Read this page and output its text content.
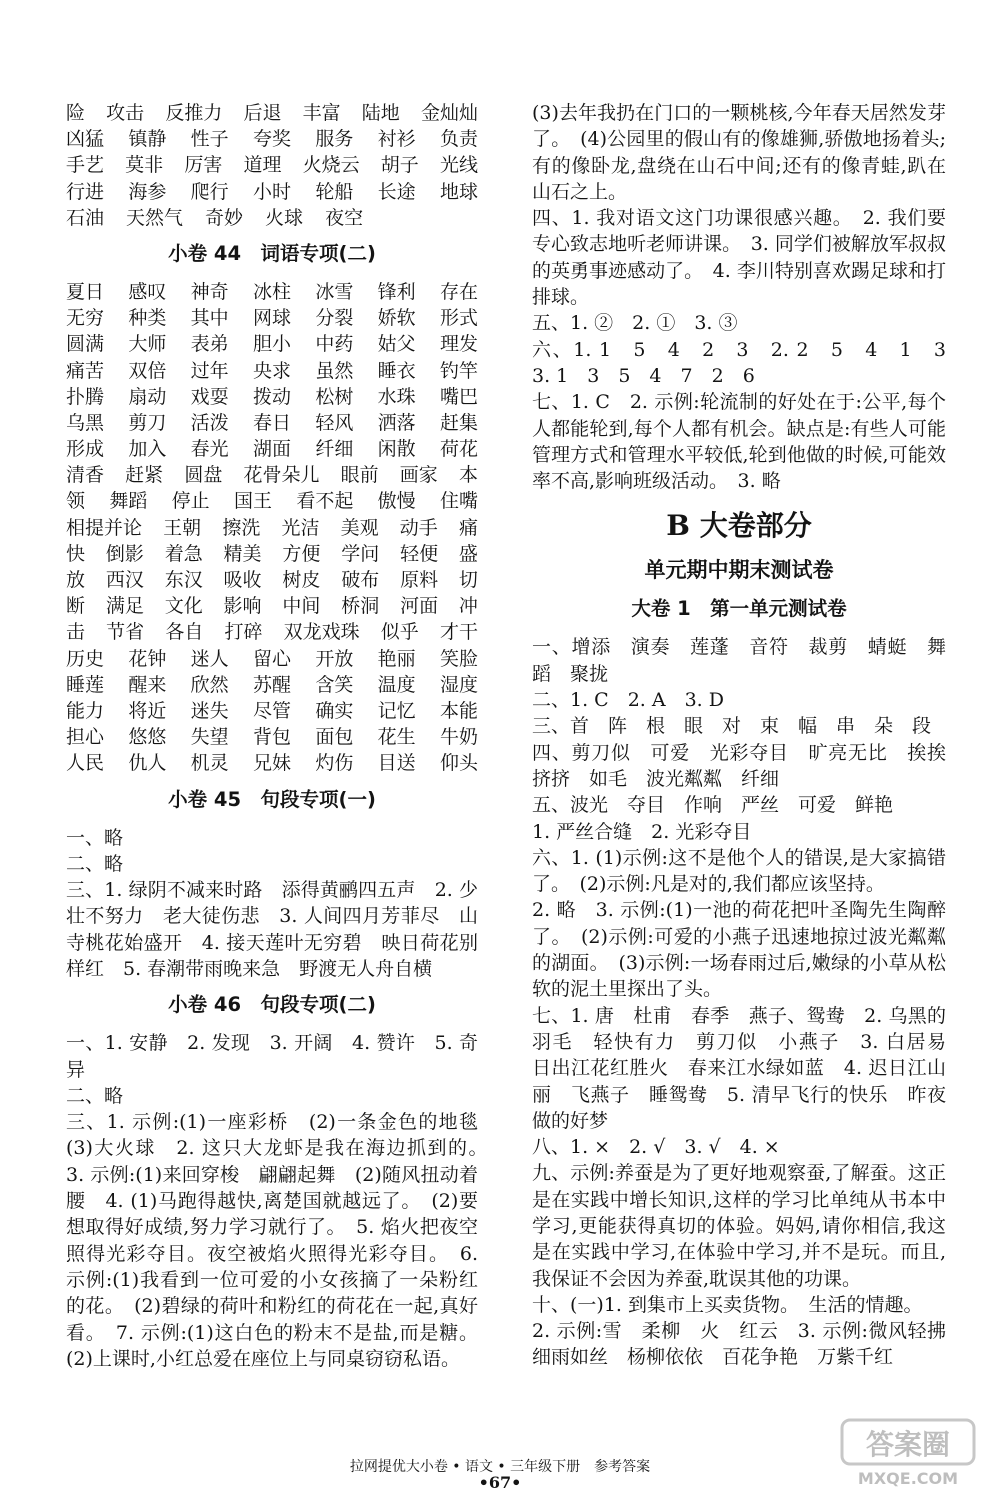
险 攻击 反推力 后退 丰富 陆地 金灿灿
凶猛 镇静 性子 夸奖 服务 衬衫 负责
手艺 莫非 厉害 道理 火烧云 胡子 光线
行进 海参 爬行 小时 轮船 长途 地球
石油 天然气 奇妙 火球 夜空
小卷 44　词语专项(二)
夏日 感叹 神奇 冰柱 冰雪 锋利 存在
无穷 种类 其中 网球 分裂 娇软 形式
圆满 大师 表弟 胆小 中药 姑父 理发
痛苦 双倍 过年 央求 虽然 睡衣 钓竿
扑腾 扇动 戏耍 拨动 松树 水珠 嘴巴
乌黑 剪刀 活泼 春日 轻风 洒落 赶集
形成 加入 春光 湖面 纤细 闲散 荷花
清香 赶紧 圆盘 花骨朵儿 眼前 画家 本
领 舞蹈 停止 国王 看不起 傲慢 住嘴
相提并论 王朝 擦洗 光洁 美观 动手 痛
快 倒影 着急 精美 方便 学问 轻便 盛
放 西汉 东汉 吸收 树皮 破布 原料 切
断 满足 文化 影响 中间 桥洞 河面 冲
击 节省 各自 打碎 双龙戏珠 似乎 才干
历史 花钟 迷人 留心 开放 艳丽 笑脸
睡莲 醒来 欣然 苏醒 含笑 温度 湿度
能力 将近 迷失 尽管 确实 记忆 本能
担心 悠悠 失望 背包 面包 花生 牛奶
人民 仇人 机灵 兄妹 灼伤 目送 仰头
小卷 45　句段专项(一)
一、略
二、略
三、1. 绿阴不减来时路　添得黄鹂四五声　2. 少壮不努力　老大徒伤悲　3. 人间四月芳菲尽　山寺桃花始盛开　4. 接天莲叶无穷碧　映日荷花别样红　5. 春潮带雨晚来急　野渡无人舟自横
小卷 46　句段专项(二)
一、1. 安静　2. 发现　3. 开阔　4. 赞许　5. 奇异
二、略
三、1. 示例:(1)一座彩桥　(2)一条金色的地毯　(3)大火球　2. 这只大龙虾是我在海边抓到的。　3. 示例:(1)来回穿梭　翩翩起舞　(2)随风扭动着腰　4. (1)马跑得越快,离楚国就越远了。　(2)要想取得好成绩,努力学习就行了。　5. 焰火把夜空照得光彩夺目。夜空被焰火照得光彩夺目。　6. 示例:(1)我看到一位可爱的小女孩摘了一朵粉红的花。　(2)碧绿的荷叶和粉红的荷花在一起,真好看。　7. 示例:(1)这白色的粉末不是盐,而是糖。(2)上课时,小红总爱在座位上与同桌窃窃私语。
(3)去年我扔在门口的一颗桃核,今年春天居然发芽了。　(4)公园里的假山有的像雄狮,骄傲地扬着头;有的像卧龙,盘绕在山石中间;还有的像青蛙,趴在山石之上。
四、1. 我对语文这门功课很感兴趣。　2. 我们要专心致志地听老师讲课。　3. 同学们被解放军叔叔的英勇事迹感动了。　4. 李川特别喜欢踢足球和打排球。
五、1. ②　2. ①　3. ③
六、1. 1　5　4　2　3　2. 2　5　4　1　3　3. 1　3　5　4　7　2　6
七、1. C　2. 示例:轮流制的好处在于:公平,每个人都能轮到,每个人都有机会。缺点是:有些人可能管理方式和管理水平较低,轮到他做的时候,可能效率不高,影响班级活动。　3. 略
B 大卷部分
单元期中期末测试卷
大卷 1　第一单元测试卷
一、增添　演奏　莲蓬　音符　裁剪　蜻蜓　舞蹈　聚拢
二、1. C　2. A　3. D
三、首　阵　根　眼　对　束　幅　串　朵　段
四、剪刀似　可爱　光彩夺目　旷亮无比　挨挨挤挤　如毛　波光粼粼　纤细
五、波光　夺目　作响　严丝　可爱　鲜艳
1. 严丝合缝　2. 光彩夺目
六、1. (1)示例:这不是他个人的错误,是大家搞错了。　(2)示例:凡是对的,我们都应该坚持。
2. 略　3. 示例:(1)一池的荷花把叶圣陶先生陶醉了。　(2)示例:可爱的小燕子迅速地掠过波光粼粼的湖面。　(3)示例:一场春雨过后,嫩绿的小草从松软的泥土里探出了头。
七、1. 唐　杜甫　春季　燕子、鸳鸯　2. 乌黑的羽毛　轻快有力　剪刀似　小燕子　3. 白居易　日出江花红胜火　春来江水绿如蓝　4. 迟日江山丽　飞燕子　睡鸳鸯　5. 清早飞行的快乐　昨夜做的好梦
八、1. ×　2. √　3. √　4. ×
九、示例:养蚕是为了更好地观察蚕,了解蚕。这正是在实践中增长知识,这样的学习比单纯从书本中学习,更能获得真切的体验。妈妈,请你相信,我这是在实践中学习,在体验中学习,并不是玩。而且,我保证不会因为养蚕,耽误其他的功课。
十、(一)1. 到集市上买卖货物。　生活的情趣。
2. 示例:雪　柔柳　火　红云　3. 示例:微风轻拂　细雨如丝　杨柳依依　百花争艳　万紫千红
拉网提优大小卷 • 语文 • 三年级下册　参考答案
•67•
答案圈
MXQE.COM
